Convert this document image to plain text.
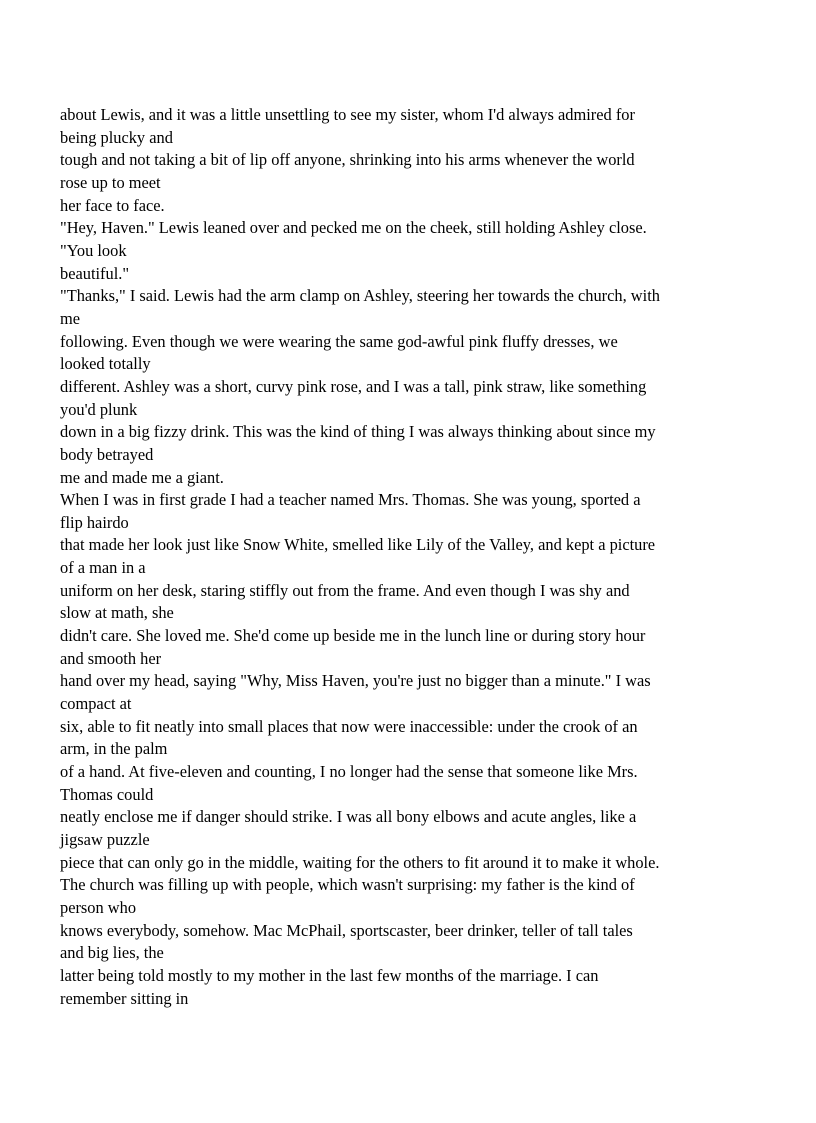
about Lewis, and it was a little unsettling to see my sister, whom I'd always admired for
being plucky and
tough and not taking a bit of lip off anyone, shrinking into his arms whenever the world
rose up to meet
her face to face.
"Hey, Haven." Lewis leaned over and pecked me on the cheek, still holding Ashley close.
"You look
beautiful."
"Thanks," I said. Lewis had the arm clamp on Ashley, steering her towards the church, with
me
following. Even though we were wearing the same god-awful pink fluffy dresses, we
looked totally
different. Ashley was a short, curvy pink rose, and I was a tall, pink straw, like something
you'd plunk
down in a big fizzy drink. This was the kind of thing I was always thinking about since my
body betrayed
me and made me a giant.
When I was in first grade I had a teacher named Mrs. Thomas. She was young, sported a
flip hairdo
that made her look just like Snow White, smelled like Lily of the Valley, and kept a picture
of a man in a
uniform on her desk, staring stiffly out from the frame. And even though I was shy and
slow at math, she
didn't care. She loved me. She'd come up beside me in the lunch line or during story hour
and smooth her
hand over my head, saying "Why, Miss Haven, you're just no bigger than a minute." I was
compact at
six, able to fit neatly into small places that now were inaccessible: under the crook of an
arm, in the palm
of a hand. At five-eleven and counting, I no longer had the sense that someone like Mrs.
Thomas could
neatly enclose me if danger should strike. I was all bony elbows and acute angles, like a
jigsaw puzzle
piece that can only go in the middle, waiting for the others to fit around it to make it whole.
The church was filling up with people, which wasn't surprising: my father is the kind of
person who
knows everybody, somehow. Mac McPhail, sportscaster, beer drinker, teller of tall tales
and big lies, the
latter being told mostly to my mother in the last few months of the marriage. I can
remember sitting in
